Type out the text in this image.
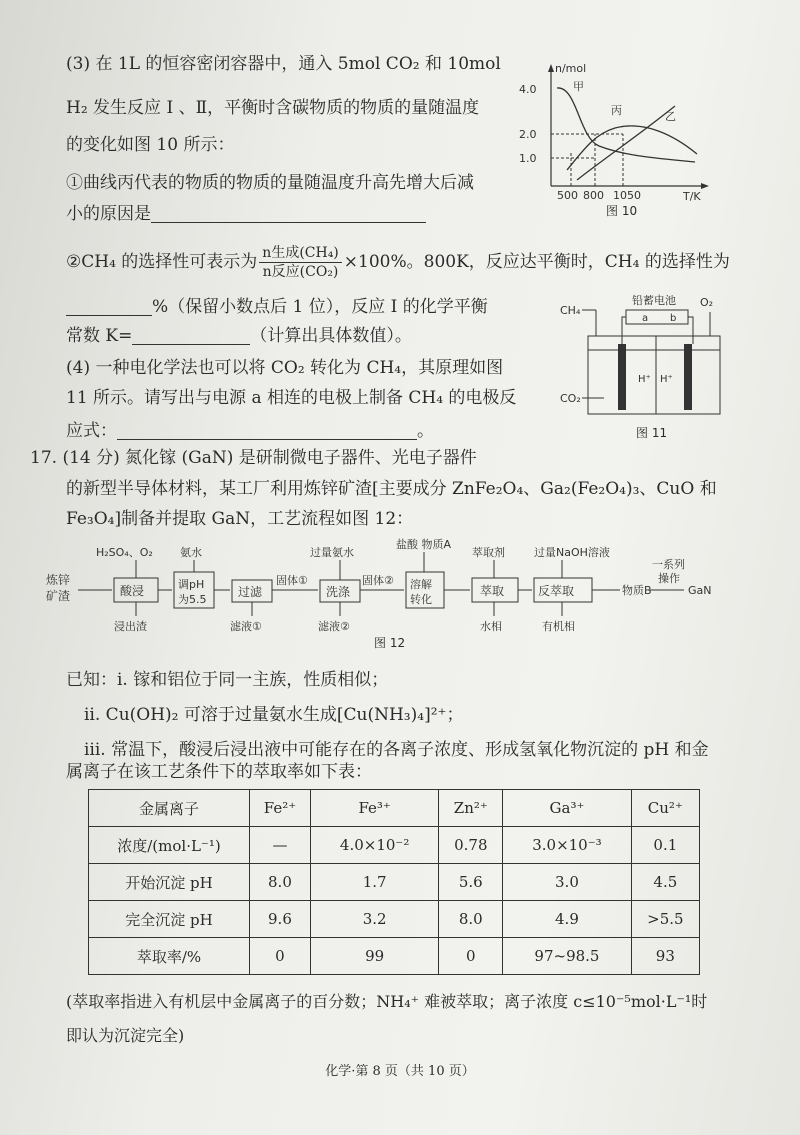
(3) 在 1L 的恒容密闭容器中，通入 5mol CO₂ 和 10mol
H₂ 发生反应 Ⅰ 、Ⅱ，平衡时含碳物质的物质的量随温度
的变化如图 10 所示：
①曲线丙代表的物质的物质的量随温度升高先增大后减
小的原因是
②CH₄ 的选择性可表示为 $\frac{\text{n生成(CH₄)}}{\text{n反应(CO₂)}} \times 100\%$。800K，反应达平衡时，CH₄ 的选择性为
%（保留小数点后 1 位），反应 Ⅰ 的化学平衡
常数 K=	（计算出具体数值）。
(4) 一种电化学法也可以将 CO₂ 转化为 CH₄，其原理如图
11 所示。请写出与电源 a 相连的电极上制备 CH₄ 的电极反
应式：	。
n/mol
T/K
4.0
2.0
1.0
500 800 1050
甲
丙	乙
图 10
铅蓄电池
a b
H⁺ H⁺
CH₄
O₂
CO₂
图 11
17. (14 分) 氮化镓 (GaN) 是研制微电子器件、光电子器件
的新型半导体材料，某工厂利用炼锌矿渣[主要成分 ZnFe₂O₄、Ga₂(Fe₂O₄)₃、CuO 和
Fe₃O₄]制备并提取 GaN，工艺流程如图 12：
炼锌
矿渣	酸浸	调pH
为5.5
过滤	洗涤
溶解
转化
萃取	反萃取
固体①	固体②
H₂SO₄、O₂ 氨水	过量氨水
盐酸 物质A
萃取剂	过量NaOH溶液
浸出渣	滤液①	滤液②	水相	有机相
物质B
一系列
操作
GaN
图 12
已知：ⅰ. 镓和铝位于同一主族，性质相似；
ⅱ. Cu(OH)₂ 可溶于过量氨水生成[Cu(NH₃)₄]²⁺；
ⅲ. 常温下，酸浸后浸出液中可能存在的各离子浓度、形成氢氧化物沉淀的 pH 和金
属离子在该工艺条件下的萃取率如下表：
金属离子	Fe²⁺	Fe³⁺	Zn²⁺	Ga³⁺	Cu²⁺
浓度/(mol·L⁻¹)	—	4.0×10⁻²	0.78	3.0×10⁻³	0.1
开始沉淀 pH	8.0	1.7	5.6	3.0	4.5
完全沉淀 pH	9.6	3.2	8.0	4.9	>5.5
萃取率/%	0	99	0	97~98.5	93
(萃取率指进入有机层中金属离子的百分数；NH₄⁺ 难被萃取；离子浓度 c≤10⁻⁵mol·L⁻¹时
即认为沉淀完全)
化学·第 8 页（共 10 页）
